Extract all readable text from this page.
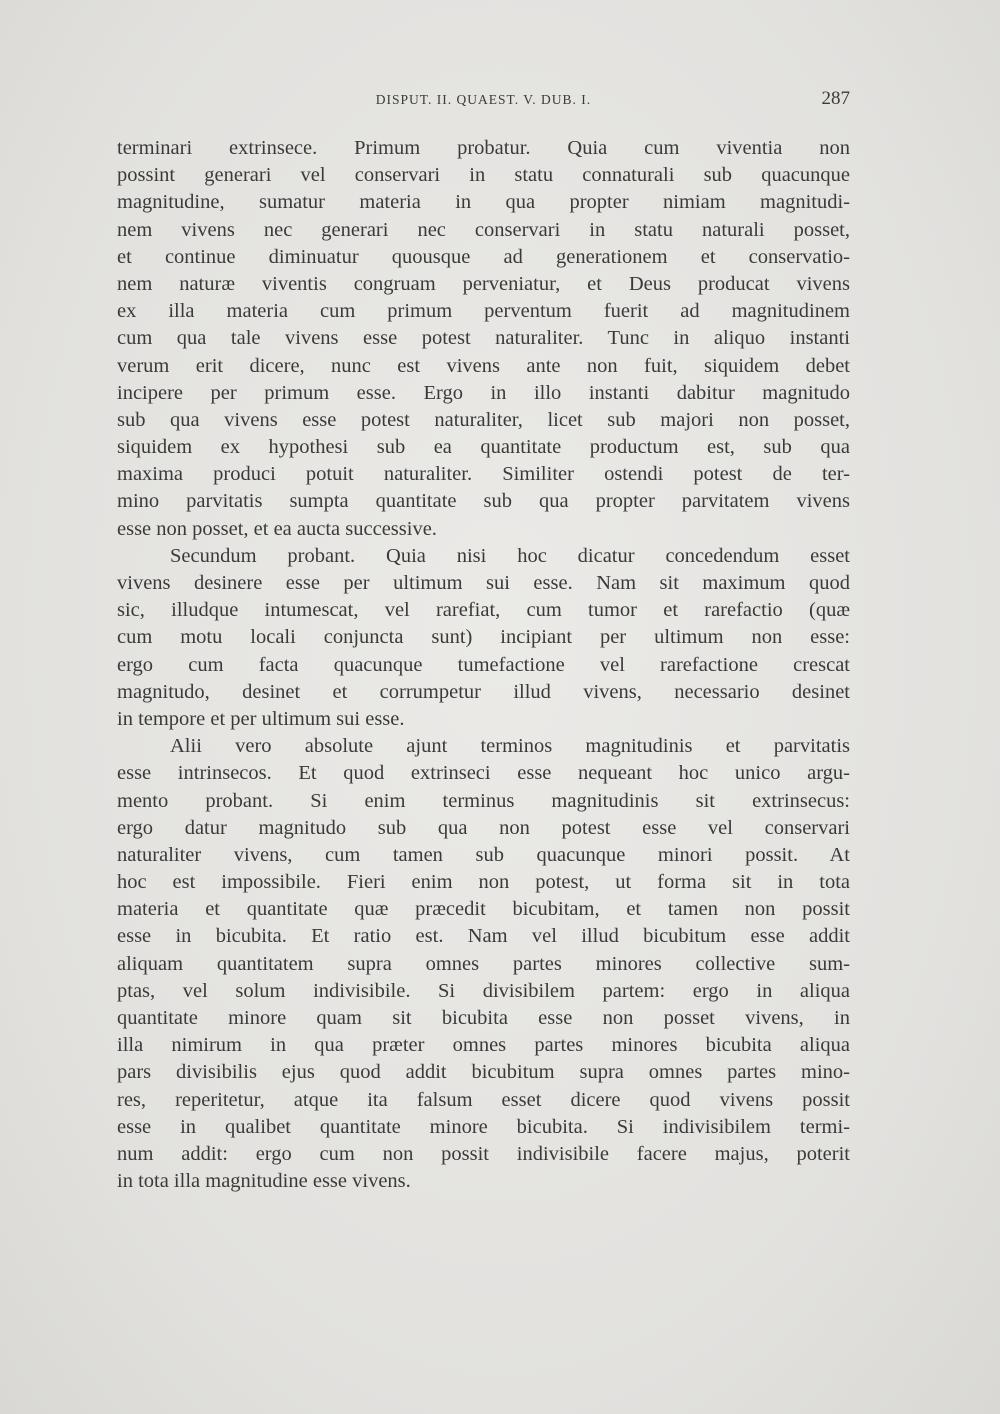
DISPUT. II. QUAEST. V. DUB. I.	287
terminari extrinsece. Primum probatur. Quia cum viventia non
possint generari vel conservari in statu connaturali sub quacunque
magnitudine, sumatur materia in qua propter nimiam magnitudi-
nem vivens nec generari nec conservari in statu naturali posset,
et continue diminuatur quousque ad generationem et conservatio-
nem naturæ viventis congruam perveniatur, et Deus producat vivens
ex illa materia cum primum perventum fuerit ad magnitudinem
cum qua tale vivens esse potest naturaliter. Tunc in aliquo instanti
verum erit dicere, nunc est vivens ante non fuit, siquidem debet
incipere per primum esse. Ergo in illo instanti dabitur magnitudo
sub qua vivens esse potest naturaliter, licet sub majori non posset,
siquidem ex hypothesi sub ea quantitate productum est, sub qua
maxima produci potuit naturaliter. Similiter ostendi potest de ter-
mino parvitatis sumpta quantitate sub qua propter parvitatem vivens
esse non posset, et ea aucta successive.
Secundum probant. Quia nisi hoc dicatur concedendum esset
vivens desinere esse per ultimum sui esse. Nam sit maximum quod
sic, illudque intumescat, vel rarefiat, cum tumor et rarefactio (quæ
cum motu locali conjuncta sunt) incipiant per ultimum non esse:
ergo cum facta quacunque tumefactione vel rarefactione crescat
magnitudo, desinet et corrumpetur illud vivens, necessario desinet
in tempore et per ultimum sui esse.
Alii vero absolute ajunt terminos magnitudinis et parvitatis
esse intrinsecos. Et quod extrinseci esse nequeant hoc unico argu-
mento probant. Si enim terminus magnitudinis sit extrinsecus:
ergo datur magnitudo sub qua non potest esse vel conservari
naturaliter vivens, cum tamen sub quacunque minori possit. At
hoc est impossibile. Fieri enim non potest, ut forma sit in tota
materia et quantitate quæ præcedit bicubitam, et tamen non possit
esse in bicubita. Et ratio est. Nam vel illud bicubitum esse addit
aliquam quantitatem supra omnes partes minores collective sum-
ptas, vel solum indivisibile. Si divisibilem partem: ergo in aliqua
quantitate minore quam sit bicubita esse non posset vivens, in
illa nimirum in qua præter omnes partes minores bicubita aliqua
pars divisibilis ejus quod addit bicubitum supra omnes partes mino-
res, reperitetur, atque ita falsum esset dicere quod vivens possit
esse in qualibet quantitate minore bicubita. Si indivisibilem termi-
num addit: ergo cum non possit indivisibile facere majus, poterit
in tota illa magnitudine esse vivens.
